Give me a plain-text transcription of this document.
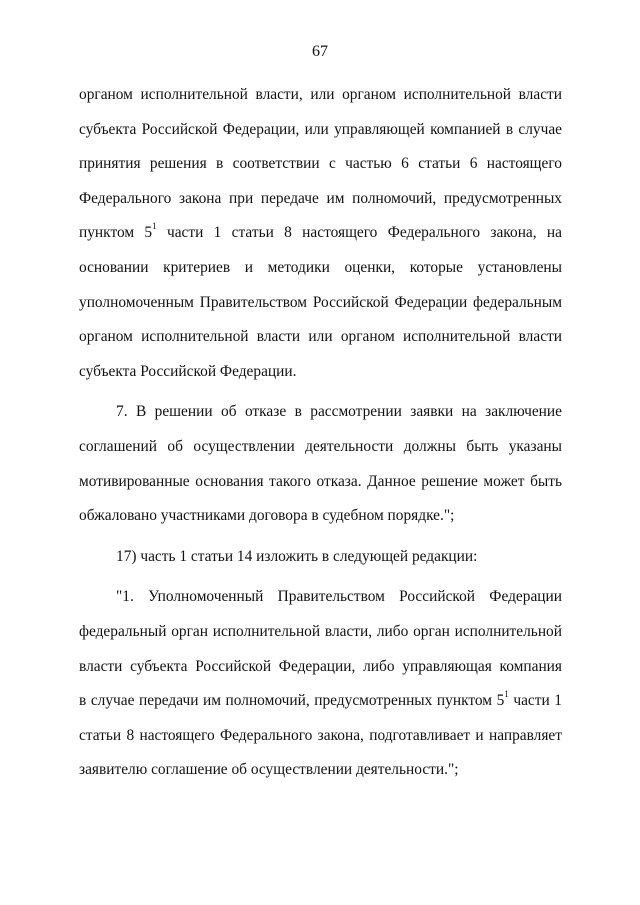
67

органом исполнительной власти, или органом исполнительной власти

субъекта Российской Федерации, или управляющей компанией в случае

принятия решения в соответствии с частью 6 статьи 6 настоящего

Федерального закона при передаче им полномочий, предусмотренных

пунктом $5^1$ части 1 статьи 8 настоящего Федерального закона, на

основании критериев и методики оценки, которые установлены

уполномоченным Правительством Российской Федерации федеральным

органом исполнительной власти или органом исполнительной власти

субъекта Российской Федерации.

7. В решении об отказе в рассмотрении заявки на заключение

соглашений об осуществлении деятельности должны быть указаны

мотивированные основания такого отказа. Данное решение может быть

обжаловано участниками договора в судебном порядке.";

17) часть 1 статьи 14 изложить в следующей редакции:

"1. Уполномоченный Правительством Российской Федерации

федеральный орган исполнительной власти, либо орган исполнительной

власти субъекта Российской Федерации, либо управляющая компания

в случае передачи им полномочий, предусмотренных пунктом $5^1$ части 1

статьи 8 настоящего Федерального закона, подготавливает и направляет

заявителю соглашение об осуществлении деятельности.";
